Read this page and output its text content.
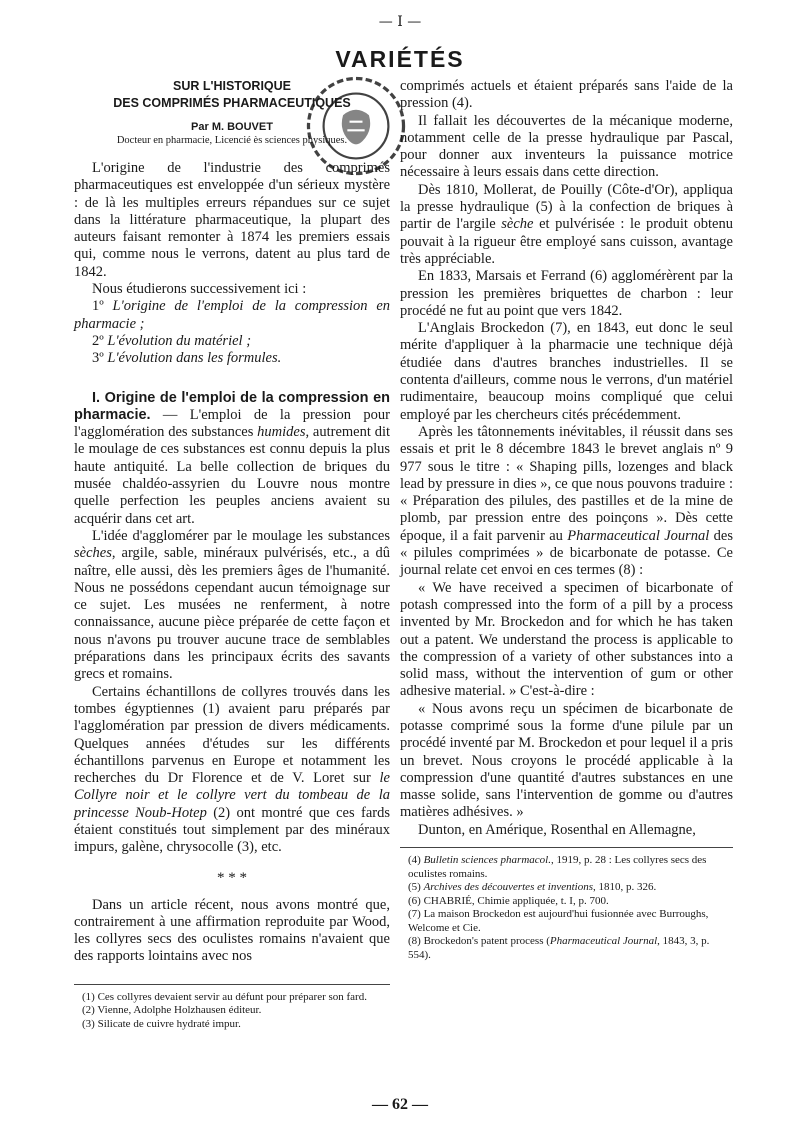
— I —
VARIÉTÉS
SUR L'HISTORIQUE
DES COMPRIMÉS PHARMACEUTIQUES
Par M. BOUVET
Docteur en pharmacie, Licencié ès sciences physiques.

L'origine de l'industrie des comprimés pharmaceutiques est enveloppée d'un sérieux mystère : de là les multiples erreurs répandues sur ce sujet dans la littérature pharmaceutique, la plupart des auteurs faisant remonter à 1874 les premiers essais qui, comme nous le verrons, datent au plus tard de 1842.

Nous étudierons successivement ici :

1º L'origine de l'emploi de la compression en pharmacie ;

2º L'évolution du matériel ;

3º L'évolution dans les formules.

I. Origine de l'emploi de la compression en pharmacie. — L'emploi de la pression pour l'agglomération des substances humides, autrement dit le moulage de ces substances est connu depuis la plus haute antiquité. La belle collection de briques du musée chaldéo-assyrien du Louvre nous montre quelle perfection les peuples anciens avaient su acquérir dans cet art.

L'idée d'agglomérer par le moulage les substances sèches, argile, sable, minéraux pulvérisés, etc., a dû naître, elle aussi, dès les premiers âges de l'humanité. Nous ne possédons cependant aucun témoignage sur ce sujet. Les musées ne renferment, à notre connaissance, aucune pièce préparée de cette façon et nous n'avons pu trouver aucune trace de semblables préparations dans les principaux écrits des savants grecs et romains.

Certains échantillons de collyres trouvés dans les tombes égyptiennes (1) avaient paru préparés par l'agglomération par pression de divers médicaments. Quelques années d'études sur les différents échantillons parvenus en Europe et notamment les recherches du Dr Florence et de V. Loret sur le Collyre noir et le collyre vert du tombeau de la princesse Noub-Hotep (2) ont montré que ces fards étaient constitués tout simplement par des minéraux impurs, galène, chrysocolle (3), etc.

* * *

Dans un article récent, nous avons montré que, contrairement à une affirmation reproduite par Wood, les collyres secs des oculistes romains n'avaient que des rapports lointains avec nos

(1) Ces collyres devaient servir au défunt pour préparer son fard.

(2) Vienne, Adolphe Holzhausen éditeur.

(3) Silicate de cuivre hydraté impur.

comprimés actuels et étaient préparés sans l'aide de la pression (4).

Il fallait les découvertes de la mécanique moderne, notamment celle de la presse hydraulique par Pascal, pour donner aux inventeurs la puissance motrice nécessaire à leurs essais dans cette direction.

Dès 1810, Mollerat, de Pouilly (Côte-d'Or), appliqua la presse hydraulique (5) à la confection de briques à partir de l'argile sèche et pulvérisée : le produit obtenu pouvait à la rigueur être employé sans cuisson, avantage très appréciable.

En 1833, Marsais et Ferrand (6) agglomérèrent par la pression les premières briquettes de charbon : leur procédé ne fut au point que vers 1842.

L'Anglais Brockedon (7), en 1843, eut donc le seul mérite d'appliquer à la pharmacie une technique déjà étudiée dans d'autres branches industrielles. Il se contenta d'ailleurs, comme nous le verrons, d'un matériel rudimentaire, beaucoup moins compliqué que celui employé par les chercheurs cités précédemment.

Après les tâtonnements inévitables, il réussit dans ses essais et prit le 8 décembre 1843 le brevet anglais nº 9 977 sous le titre : « Shaping pills, lozenges and black lead by pressure in dies », ce que nous pouvons traduire : « Préparation des pilules, des pastilles et de la mine de plomb, par pression entre des poinçons ». Dès cette époque, il a fait parvenir au Pharmaceutical Journal des « pilules comprimées » de bicarbonate de potasse. Ce journal relate cet envoi en ces termes (8) :

« We have received a specimen of bicarbonate of potash compressed into the form of a pill by a process invented by Mr. Brockedon and for which he has taken out a patent. We understand the process is applicable to the compression of a variety of other substances into a solid mass, without the intervention of gum or other adhesive material. » C'est-à-dire :

« Nous avons reçu un spécimen de bicarbonate de potasse comprimé sous la forme d'une pilule par un procédé inventé par M. Brockedon et pour lequel il a pris un brevet. Nous croyons le procédé applicable à la compression d'une quantité d'autres substances en une masse solide, sans l'intervention de gomme ou d'autres matières adhésives. »

Dunton, en Amérique, Rosenthal en Allemagne,

(4) Bulletin sciences pharmacol., 1919, p. 28 : Les collyres secs des oculistes romains.

(5) Archives des découvertes et inventions, 1810, p. 326.

(6) CHABRIÉ, Chimie appliquée, t. I, p. 700.

(7) La maison Brockedon est aujourd'hui fusionnée avec Burroughs, Welcome et Cie.

(8) Brockedon's patent process (Pharmaceutical Journal, 1843, 3, p. 554).

— 62 —
